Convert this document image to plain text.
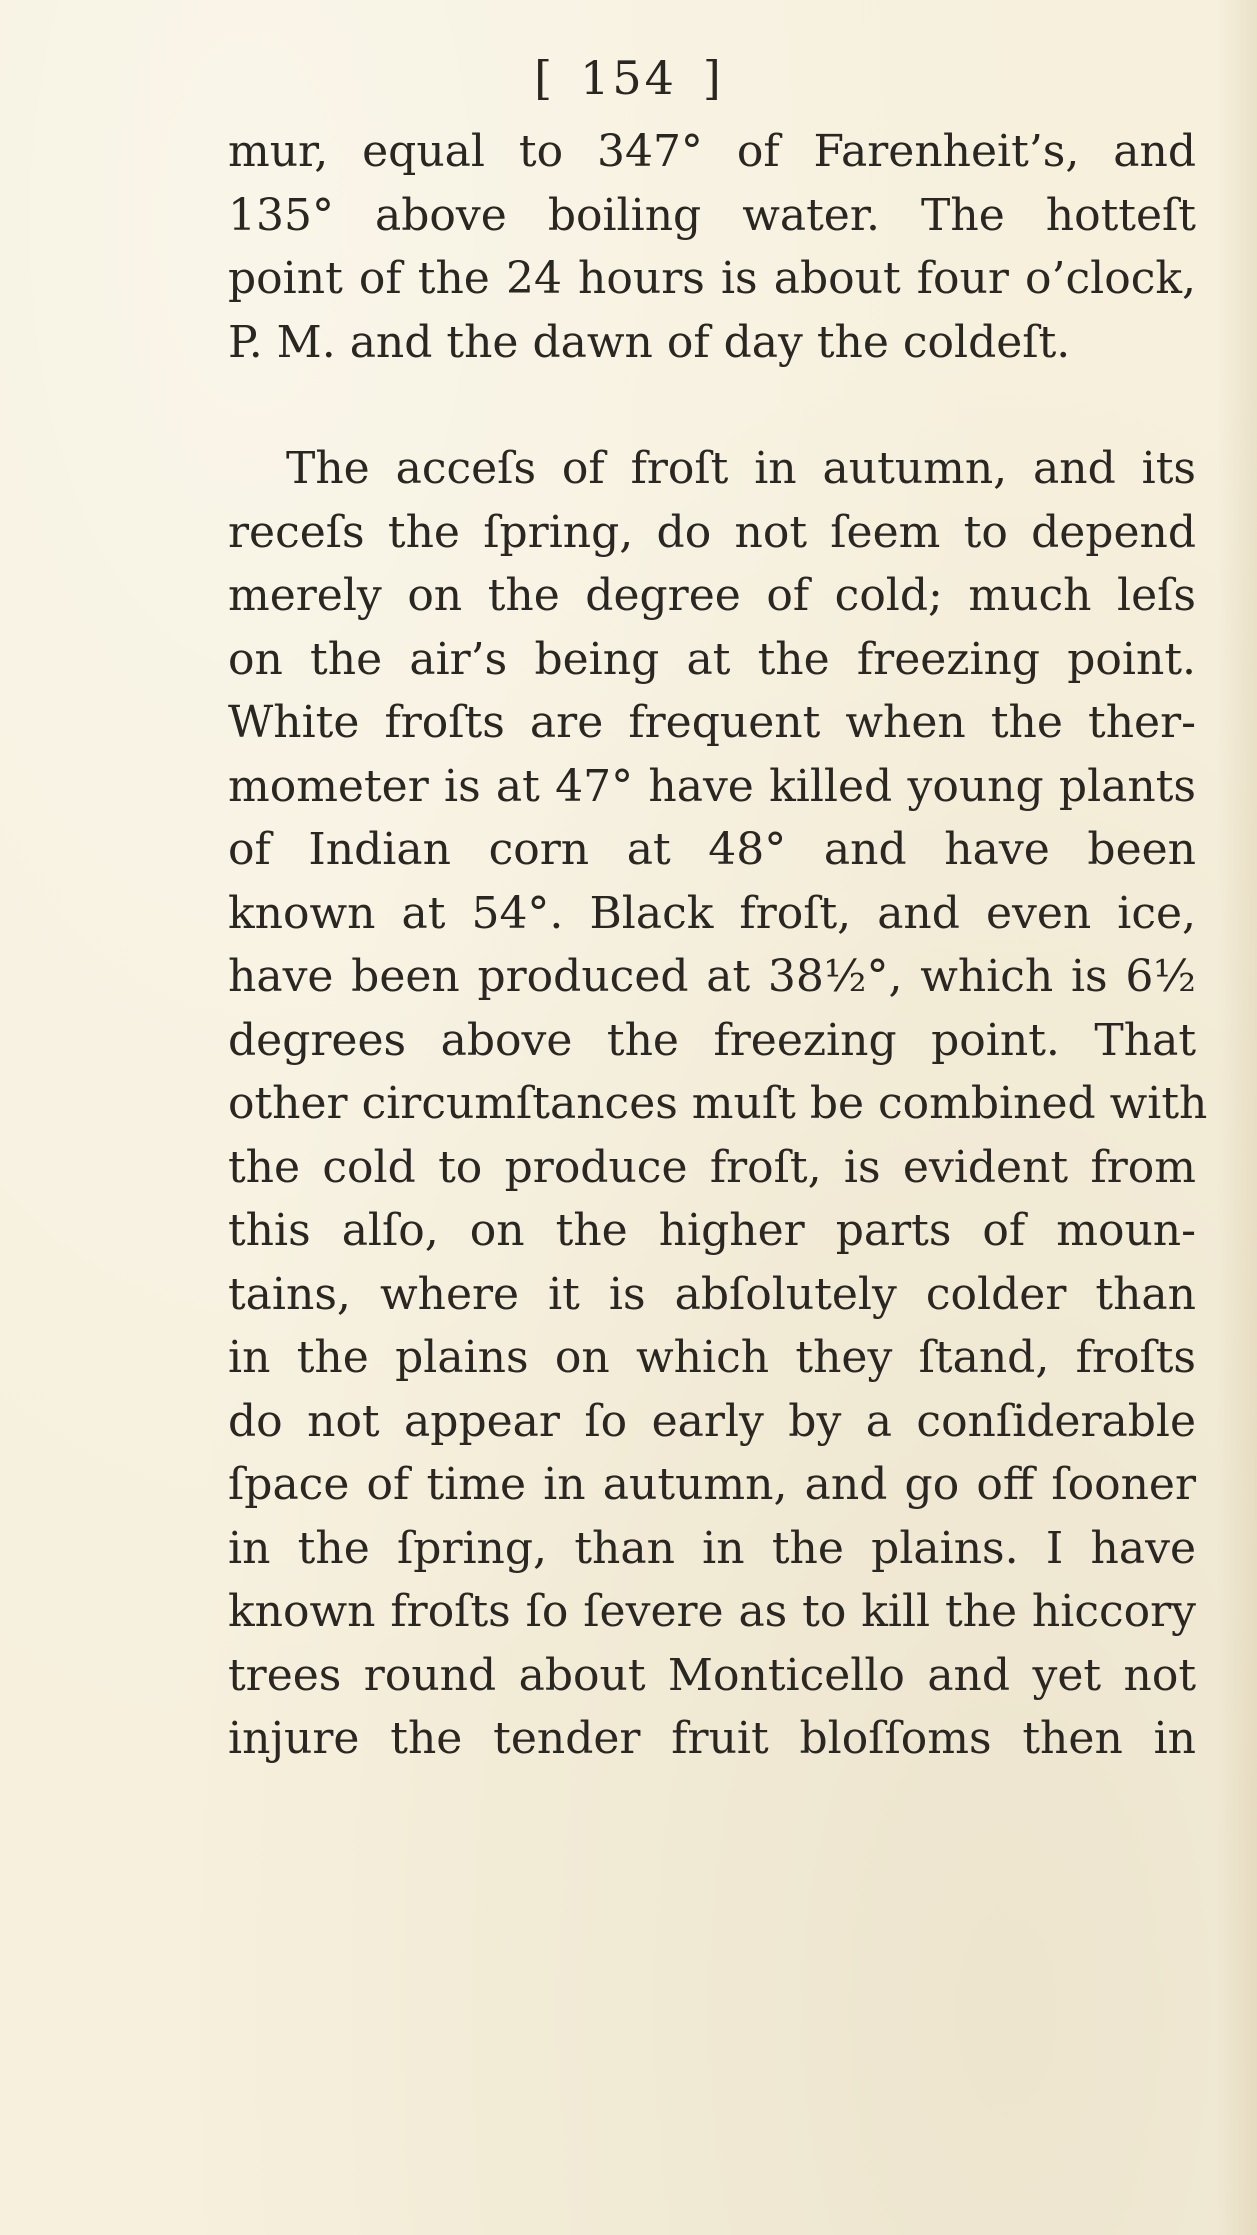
[ 154 ]
mur, equal to 347° of Farenheit’s, and
135° above boiling water. The hotteſt
point of the 24 hours is about four o’clock,
P. M. and the dawn of day the coldeſt.
The acceſs of froſt in autumn, and its
receſs the ſpring, do not ſeem to depend
merely on the degree of cold; much leſs
on the air’s being at the freezing point.
White froſts are frequent when the ther-
mometer is at 47° have killed young plants
of Indian corn at 48° and have been
known at 54°. Black froſt, and even ice,
have been produced at 38½°, which is 6½
degrees above the freezing point. That
other circumſtances muſt be combined with
the cold to produce froſt, is evident from
this alſo, on the higher parts of moun-
tains, where it is abſolutely colder than
in the plains on which they ſtand, froſts
do not appear ſo early by a conſiderable
ſpace of time in autumn, and go off ſooner
in the ſpring, than in the plains. I have
known froſts ſo ſevere as to kill the hiccory
trees round about Monticello and yet not
injure the tender fruit bloſſoms then in
